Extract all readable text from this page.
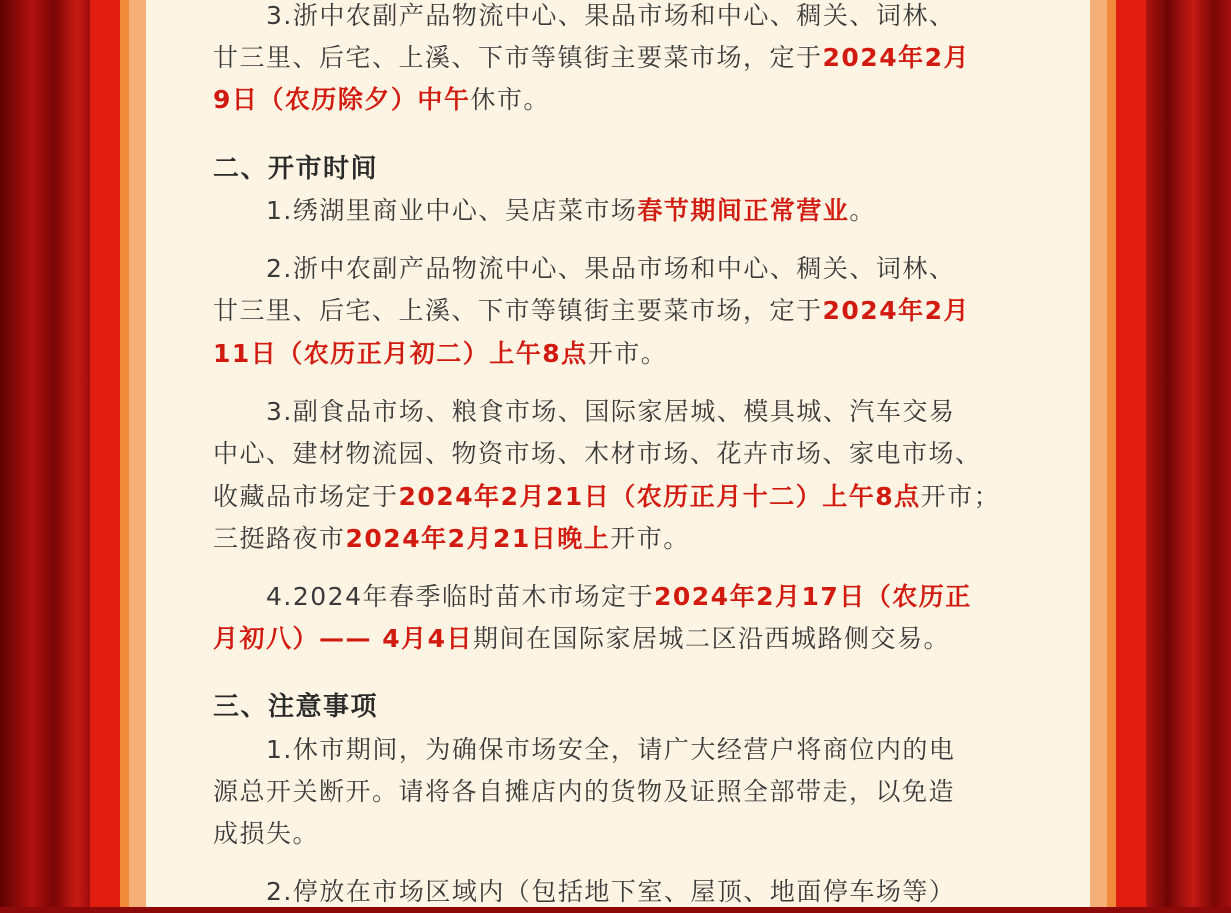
　　3.浙中农副产品物流中心、果品市场和中心、稠关、词林、

廿三里、后宅、上溪、下市等镇街主要菜市场，定于2024年2月

9日（农历除夕）中午休市。

二、开市时间

　　1.绣湖里商业中心、吴店菜市场春节期间正常营业。

　　2.浙中农副产品物流中心、果品市场和中心、稠关、词林、

廿三里、后宅、上溪、下市等镇街主要菜市场，定于2024年2月

11日（农历正月初二）上午8点开市。

　　3.副食品市场、粮食市场、国际家居城、模具城、汽车交易

中心、建材物流园、物资市场、木材市场、花卉市场、家电市场、

收藏品市场定于2024年2月21日（农历正月十二）上午8点开市；

三挺路夜市2024年2月21日晚上开市。

　　4.2024年春季临时苗木市场定于2024年2月17日（农历正

月初八）—— 4月4日期间在国际家居城二区沿西城路侧交易。

三、注意事项

　　1.休市期间，为确保市场安全，请广大经营户将商位内的电

源总开关断开。请将各自摊店内的货物及证照全部带走，以免造

成损失。

　　2.停放在市场区域内（包括地下室、屋顶、地面停车场等）
